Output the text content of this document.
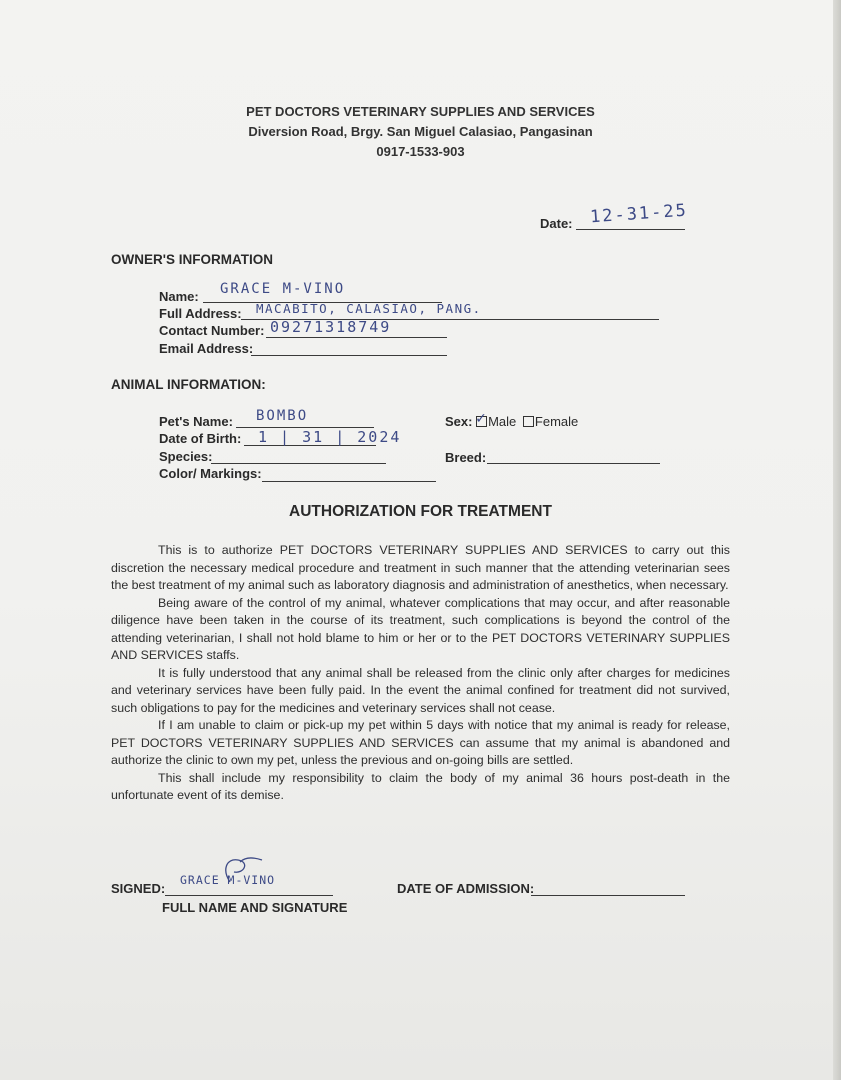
PET DOCTORS VETERINARY SUPPLIES AND SERVICES
Diversion Road, Brgy. San Miguel Calasiao, Pangasinan
0917-1533-903
Date: 12-31-25
OWNER'S INFORMATION
Name: GRACE M-VINO
Full Address: MACABITO, CALASIAO, PANG.
Contact Number: 09271318749
Email Address:
ANIMAL INFORMATION:
Pet's Name: BOMBO
Date of Birth: 1 | 31 | 2024
Species:
Color/ Markings:
Sex: ✓ Male Female
Breed:
AUTHORIZATION FOR TREATMENT

This is to authorize PET DOCTORS VETERINARY SUPPLIES AND SERVICES to carry out this discretion the necessary medical procedure and treatment in such manner that the attending veterinarian sees the best treatment of my animal such as laboratory diagnosis and administration of anesthetics, when necessary.

Being aware of the control of my animal, whatever complications that may occur, and after reasonable diligence have been taken in the course of its treatment, such complications is beyond the control of the attending veterinarian, I shall not hold blame to him or her or to the PET DOCTORS VETERINARY SUPPLIES AND SERVICES staffs.

It is fully understood that any animal shall be released from the clinic only after charges for medicines and veterinary services have been fully paid. In the event the animal confined for treatment did not survived, such obligations to pay for the medicines and veterinary services shall not cease.

If I am unable to claim or pick-up my pet within 5 days with notice that my animal is ready for release, PET DOCTORS VETERINARY SUPPLIES AND SERVICES can assume that my animal is abandoned and authorize the clinic to own my pet, unless the previous and on-going bills are settled.

This shall include my responsibility to claim the body of my animal 36 hours post-death in the unfortunate event of its demise.

SIGNED:
GRACE M-VINO
FULL NAME AND SIGNATURE
DATE OF ADMISSION:
